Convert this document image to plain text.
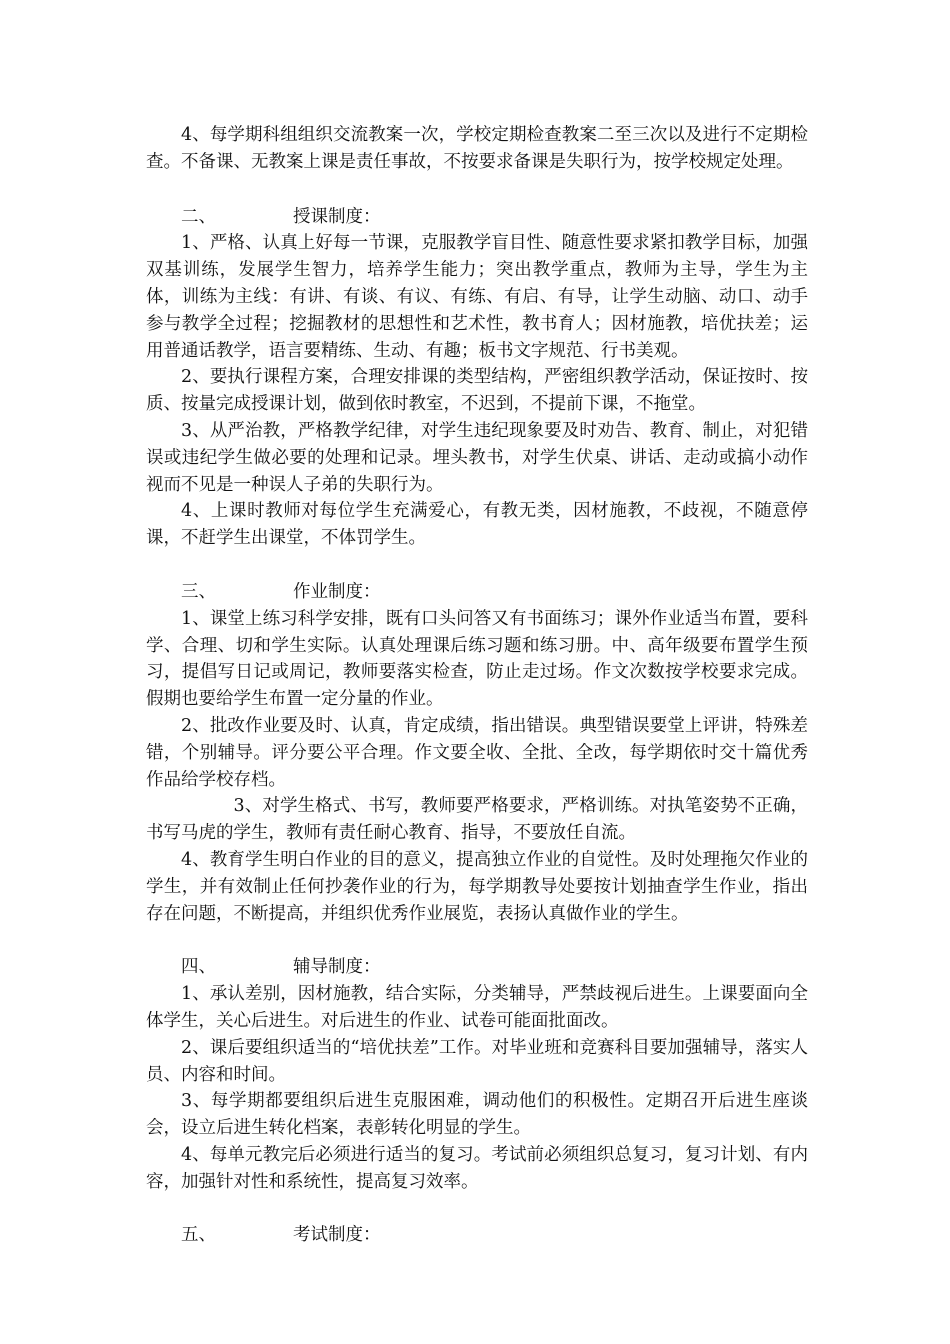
4、每学期科组组织交流教案一次，学校定期检查教案二至三次以及进行不定期检查。不备课、无教案上课是责任事故，不按要求备课是失职行为，按学校规定处理。

二、	授课制度：

1、严格、认真上好每一节课，克服教学盲目性、随意性要求紧扣教学目标，加强双基训练，发展学生智力，培养学生能力；突出教学重点，教师为主导，学生为主体，训练为主线：有讲、有谈、有议、有练、有启、有导，让学生动脑、动口、动手参与教学全过程；挖掘教材的思想性和艺术性，教书育人；因材施教，培优扶差；运用普通话教学，语言要精练、生动、有趣；板书文字规范、行书美观。

2、要执行课程方案，合理安排课的类型结构，严密组织教学活动，保证按时、按质、按量完成授课计划，做到依时教室，不迟到，不提前下课，不拖堂。

3、从严治教，严格教学纪律，对学生违纪现象要及时劝告、教育、制止，对犯错误或违纪学生做必要的处理和记录。埋头教书，对学生伏桌、讲话、走动或搞小动作视而不见是一种误人子弟的失职行为。

4、上课时教师对每位学生充满爱心，有教无类，因材施教，不歧视，不随意停课，不赶学生出课堂，不体罚学生。

三、	作业制度：

1、课堂上练习科学安排，既有口头问答又有书面练习；课外作业适当布置，要科学、合理、切和学生实际。认真处理课后练习题和练习册。中、高年级要布置学生预习，提倡写日记或周记，教师要落实检查，防止走过场。作文次数按学校要求完成。假期也要给学生布置一定分量的作业。

2、批改作业要及时、认真，肯定成绩，指出错误。典型错误要堂上评讲，特殊差错，个别辅导。评分要公平合理。作文要全收、全批、全改，每学期依时交十篇优秀作品给学校存档。

3、对学生格式、书写，教师要严格要求，严格训练。对执笔姿势不正确，书写马虎的学生，教师有责任耐心教育、指导，不要放任自流。

4、教育学生明白作业的目的意义，提高独立作业的自觉性。及时处理拖欠作业的学生，并有效制止任何抄袭作业的行为，每学期教导处要按计划抽查学生作业，指出存在问题，不断提高，并组织优秀作业展览，表扬认真做作业的学生。

四、	辅导制度：

1、承认差别，因材施教，结合实际，分类辅导，严禁歧视后进生。上课要面向全体学生，关心后进生。对后进生的作业、试卷可能面批面改。

2、课后要组织适当的“培优扶差”工作。对毕业班和竞赛科目要加强辅导，落实人员、内容和时间。

3、每学期都要组织后进生克服困难，调动他们的积极性。定期召开后进生座谈会，设立后进生转化档案，表彰转化明显的学生。

4、每单元教完后必须进行适当的复习。考试前必须组织总复习，复习计划、有内容，加强针对性和系统性，提高复习效率。

五、	考试制度：
